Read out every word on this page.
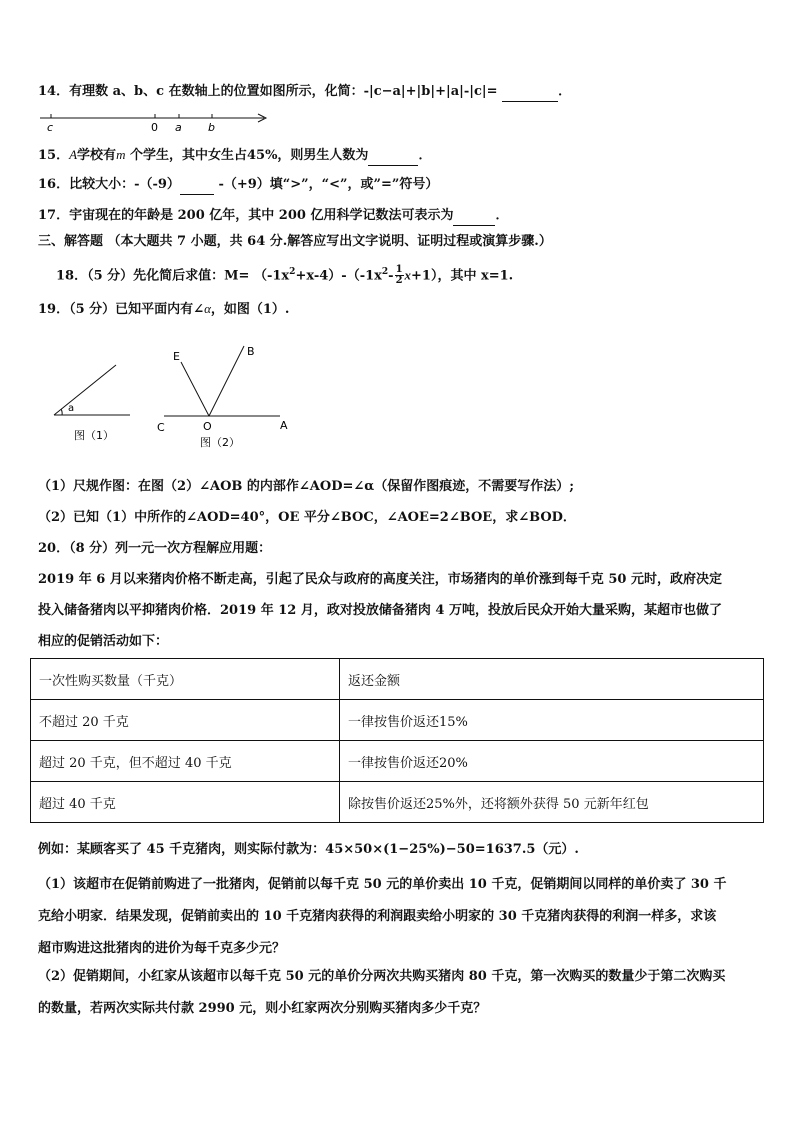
14．有理数 a、b、c 在数轴上的位置如图所示，化简：-|c−a|+|b|+|a|-|c|=	．
c	0 a b
15．A学校有m 个学生，其中女生占45%，则男生人数为	．
16．比较大小：-（-9）	-（+9）填“>”，“<”，或”=”符号）
17．宇宙现在的年龄是 200 亿年，其中 200 亿用科学记数法可表示为	．
三、解答题 （本大题共 7 小题，共 64 分.解答应写出文字说明、证明过程或演算步骤.）
18．（5 分）先化简后求值：$M= (-1x^2+x-4)-(-1x^2- \frac{1}{2} x+1)$，其中 x=1.
19．（5 分）已知平面内有∠α，如图（1）.
a
图（1）
E	B
C	O	A
图（2）
（1）尺规作图：在图（2）∠AOB 的内部作∠AOD=∠α（保留作图痕迹，不需要写作法）;
（2）已知（1）中所作的∠AOD=40°，OE 平分∠BOC，∠AOE=2∠BOE，求∠BOD．
20．（8 分）列一元一次方程解应用题：
2019 年 6 月以来猪肉价格不断走高，引起了民众与政府的高度关注，市场猪肉的单价涨到每千克 50 元时，政府决定
投入储备猪肉以平抑猪肉价格．2019 年 12 月，政对投放储备猪肉 4 万吨，投放后民众开始大量采购，某超市也做了
相应的促销活动如下：
一次性购买数量（千克）	返还金额
不超过 20 千克	一律按售价返还15%
超过 20 千克，但不超过 40 千克	一律按售价返还20%
超过 40 千克	除按售价返还25%外，还将额外获得 50 元新年红包
例如：某顾客买了 45 千克猪肉，则实际付款为：45×50×(1−25%)−50=1637.5（元）.
（1）该超市在促销前购进了一批猪肉，促销前以每千克 50 元的单价卖出 10 千克，促销期间以同样的单价卖了 30 千
克给小明家．结果发现，促销前卖出的 10 千克猪肉获得的利润跟卖给小明家的 30 千克猪肉获得的利润一样多，求该
超市购进这批猪肉的进价为每千克多少元？
（2）促销期间，小红家从该超市以每千克 50 元的单价分两次共购买猪肉 80 千克，第一次购买的数量少于第二次购买
的数量，若两次实际共付款 2990 元，则小红家两次分别购买猪肉多少千克？
